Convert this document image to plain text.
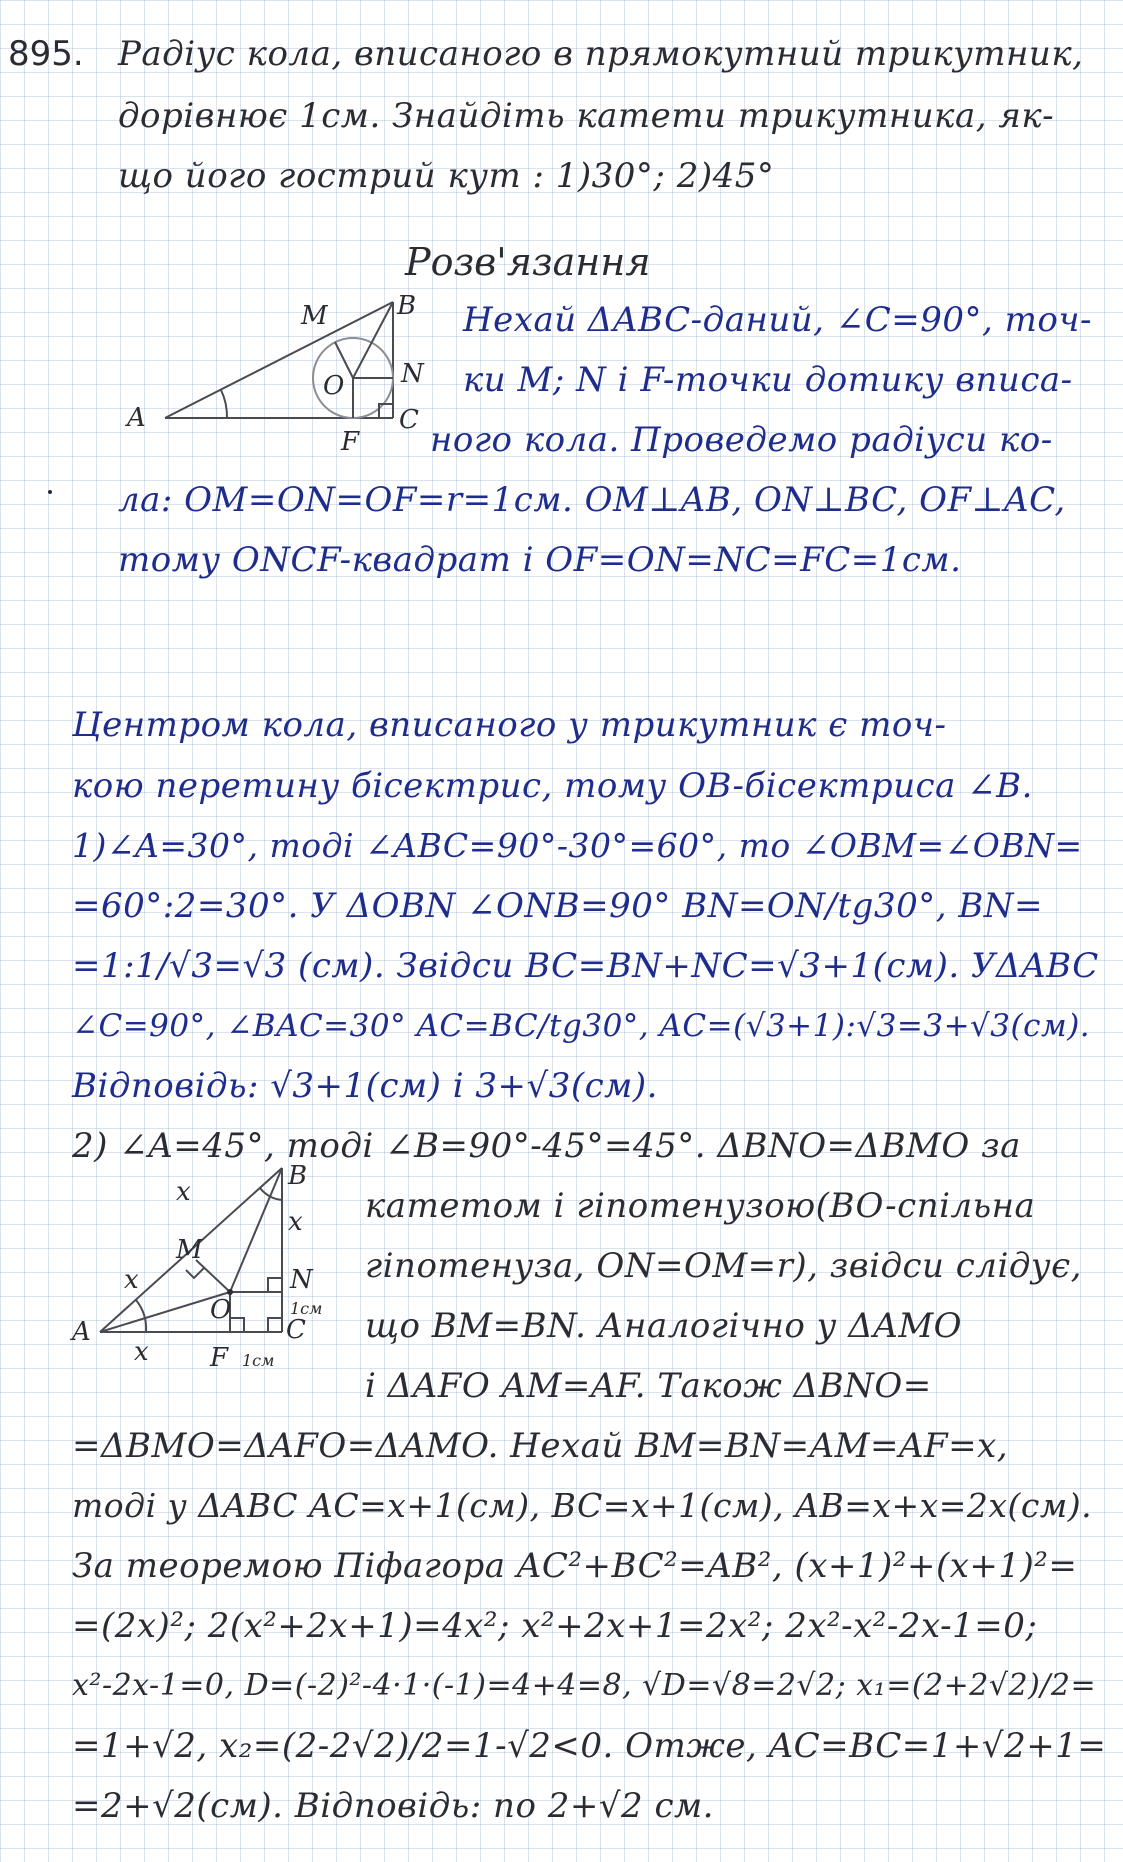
895. Радіус кола, вписаного в прямокутний трикутник,
дорівнює 1см. Знайдіть катети трикутника, як-
що його гострий кут : 1)30°; 2)45°
Розв'язання
A
B
C
M
N
O
F
Нехай ΔABC-даний, ∠C=90°, точ-
ки M; N і F-точки дотику вписа-
ного кола. Проведемо радіуси ко-
ла: OM=ON=OF=r=1см. OM⊥AB, ON⊥BC, OF⊥AC,
тому ONCF-квадрат і OF=ON=NC=FC=1см.
Центром кола, вписаного у трикутник є точ-
кою перетину бісектрис, тому OB-бісектриса ∠B.
1)∠A=30°, тоді ∠ABC=90°-30°=60°, то ∠OBM=∠OBN=
=60°:2=30°. У ΔOBN ∠ONB=90° BN=ON/tg30°, BN=
=1:1/√3=√3 (см). Звідси BC=BN+NC=√3+1(см). УΔABC
∠C=90°, ∠BAC=30° AC=BC/tg30°, AC=(√3+1):√3=3+√3(см).
Відповідь: √3+1(см) і 3+√3(см).
2) ∠A=45°, тоді ∠B=90°-45°=45°. ΔBNO=ΔBMO за
A
B
C
M
N
O
F
x
x
x
x
1см
1см
катетом і гіпотенузою(BO-спільна
гіпотенуза, ON=OM=r), звідси слідує,
що BM=BN. Аналогічно у ΔAMO
і ΔAFO AM=AF. Також ΔBNO=
=ΔBMO=ΔAFO=ΔAMO. Нехай BM=BN=AM=AF=x,
тоді у ΔABC AC=x+1(см), BC=x+1(см), AB=x+x=2x(см).
За теоремою Піфагора AC²+BC²=AB², (x+1)²+(x+1)²=
=(2x)²; 2(x²+2x+1)=4x²; x²+2x+1=2x²; 2x²-x²-2x-1=0;
x²-2x-1=0, D=(-2)²-4·1·(-1)=4+4=8, √D=√8=2√2; x₁=(2+2√2)/2=
=1+√2, x₂=(2-2√2)/2=1-√2<0. Отже, AC=BC=1+√2+1=
=2+√2(см). Відповідь: по 2+√2 см.
